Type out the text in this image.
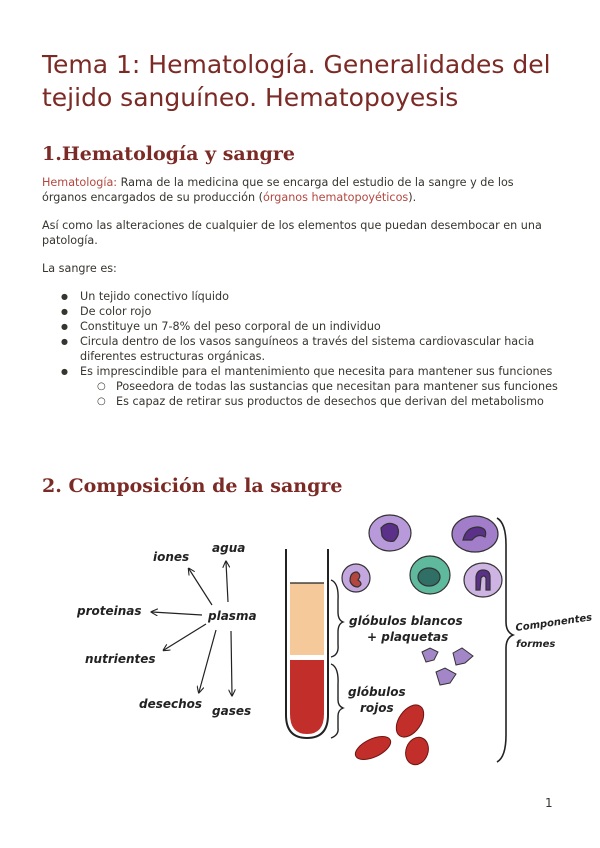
Tema 1: Hematología. Generalidades del tejido sanguíneo. Hematopoyesis
1.Hematología y sangre

Hematología: Rama de la medicina que se encarga del estudio de la sangre y de los órganos encargados de su producción (órganos hematopoyéticos).

Así como las alteraciones de cualquier de los elementos que puedan desembocar en una patología.

La sangre es:

● Un tejido conectivo líquido
● De color rojo
● Constituye un 7-8% del peso corporal de un individuo
● Circula dentro de los vasos sanguíneos a través del sistema cardiovascular hacia diferentes estructuras orgánicas.
● Es imprescindible para el mantenimiento que necesita para mantener sus funciones
○ Poseedora de todas las sustancias que necesitan para mantener sus funciones
○ Es capaz de retirar sus productos de desechos que derivan del metabolismo
2. Composición de la sangre
agua
iones
proteinas	plasma
nutrientes
desechos gases
glóbulos blancos
+ plaquetas
glóbulos
rojos
Componentes
formes
1
